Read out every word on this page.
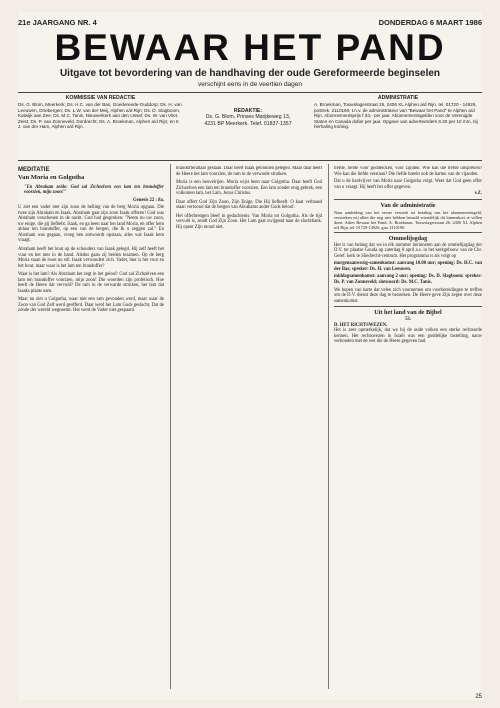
21e JAARGANG NR. 4	DONDERDAG 6 MAART 1986
BEWAAR HET PAND
Uitgave tot bevordering van de handhaving der oude Gereformeerde beginselen
verschijnt eens in de veertien dagen
KOMMISSIE VAN REDACTIE
Ds. G. Blom, Meerkerk; Ds. H.C. van der Bas, Goedereede-Ouddorp; Ds. H. van Leeuwen, Driebergen; Ds. L.W. van der Meij, Alphen a/d Rijn; Ds. D. Slagboom, Katwijk aan Zee; Ds. M.C. Tanis, Nieuwerkerk aan den IJssel; Ds. W. van Vliet, Zeist; Ds. P. van Zonneveld, Dordrecht; Ds. A. Broekman, Alphen a/d Rijn; en Ir. J. van der Ham, Alphen a/d Rijn.
REDAKTIE:
Ds. G. Blom, Prinses Marijkeweg 13,
4231 BP Meerkerk. Telef. 01837-1357
ADMINISTRATIE
A. Broekman, Touwslagerstraat 26, 2406 XL Alphen a/d Rijn, tel. 01720 - 14926, postrek. 2110190, t.n.v. de administrateur van "Bewaar het Pand" te Alphen a/d Rijn. Abonnementsprijs f 33,- per jaar. Abonnementsgelden voor de Verenigde Staten en Canada dollar per jaar. Opgave van adverteerders 8.20 per 10 mm, bij herhaling korting.
MEDITATIE
Van Moria en Golgotha
"En Abraham zeide: God zal Zichzelven een lam ten brandoffer voorzien, mijn zoon!"
Genesis 22 : 8a.

U ziet een vader met zijn zoon de helling van de berg Moria opgaan. Die twee zijn Abraham en Isaak. Abraham gaat zijn zoon Isaak offeren! God was Abraham verschenen in de nacht. God had gesproken: "Neem nu uw zoon, uw enige, die gij liefhebt, Isaak, en ga heen naar het land Moria, en offer hem aldaar ten brandoffer, op een van de bergen, die Ik u zeggen zal." En Abraham was gegaan, vroeg ben antwoordt opstaan, alles wat Isaak hem vraagt.

Abraham heeft het hout op de schouders van Isaak gelegd. Hij zelf heeft het vuur en het mes in de hand. Alsdus gaan zij beiden tezamen. Op de berg Moria staan de twee nu stil. Isaak verwondert zich. Vader, hier is het vuur en het hout, maar waar is het lam ten brandoffer?

Waar is het lam? Als Abraham het zegt in het geloof: God zal Zichzelven een lam ten brandoffer voorzien, mijn zoon! Die woorden zijn profetisch. Hoe heeft de Heere dat vervuld? De ram in de verwarde struiken, het lam dat Isaaks plaats nam.

Maar nu ziet u Golgotha, waar niet een ram gevonden werd, maar waar de Zoon van God Zelf werd geofferd. Daar werd het Lam Gods geslacht, Dat de zonde der wereld wegneemt. Het werd de Vader niet gespaard.

brandofferaltaar gestaan. Daar heeft Isaak gebonden gelegen. Maar daar heeft de Heere het lam voorzien, de ram in de verwarde struiken.

Moria is een heuvelrijen. Moria wijst heen naar Golgotha. Daar heeft God Zichzelven een lam ten brandoffer voorzien. Een lam zonder enig gebrek, een volkomen lam, het Lam, Jezus Christus.

Daar offert God Zijn Zoon, Zijn Enige, Die Hij liefheeft. O kaat verbaasd staan vertoond dat de bergen van Abrahams ander Gods beloof.

Het offerbrengen bleef in gedachtenis. Van Moria tot Golgotha. Als de tijd vervuld is, zendt God Zijn Zoon. Het Lam gaat zwijgend naar de slachtbank. Hij opent Zijn mond niet.

liefde, liefde voor goddelozen, voor zijnden. Wie kan die liefde uitspreken? Wie kan die liefde verstaan? Die liefde breekt ook de harten van de vijanden.

Dat u de hardvijver van Moria naar Golgotha volgt. Weet dat God geen offer van u vraagt. Hij heeft het offer gegeven.

v.Z.
Van de administratie
Naar aanleiding van het eerste verzoek tot betaling van het abonnementsgeld, verzoeken wij allen die nog niet hebben betaald vriendelijk dit binnenkort te willen doen. Adres Bewaar het Pand: A. Broekman, Touwslagerstraat 26, 2406 XL Alphen a/d Rijn, tel. 01720-14926, giro 2110190.
Ommelijsgdag

Het is van belang dat we in elk nummer herinneren aan de ommelijsgdag der D.V. ter plaatse Gouda op zaterdag 8 april a.s. in het kerkgebouw van de Chr. Geref. kerk te Sliedrecht-centrum. Het programma is als volgt op

morgenaanwezig-samenkomst: aanvang 10.00 uur; opening: Ds. H.C. van der Bas; spreker: Ds. H. van Leeuwen.

middagsamenkomst: aanvang 2 uur; opening: Ds. D. Slagboom; spreker: Ds. P. van Zonneveld; slotwoord: Ds. M.C. Tanis.

We hopen van harte dat velen zich voornemen om voorbereidingen te treffen om de D.V. dienst deze dag te bezoeken. De Heere geve Zijn zegen over deze samenkomst.

Uit het land van de Bijbel
53.
D. HET RICHTSWEZEN.

Het is zeer opmerkelijk, dat we bij de oude volken een sterke rechtsorde kennen. Het rechtswezen in Israël was een goddelijke instelling, nauw verbonden met de wet die de Heere gegeven had.

25
